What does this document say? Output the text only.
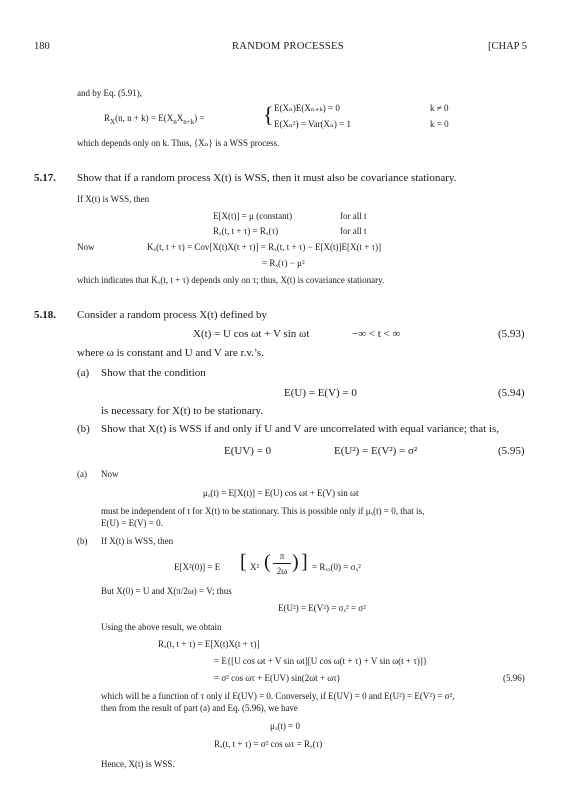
180	RANDOM PROCESSES	[CHAP 5
and by Eq. (5.91),
$R_X(n$, $n + k) = E(X_nX_{n+k})$ =	{ E(Xₙ)E(Xₙ₊ₖ) = 0	k ≠ 0
E(Xₙ²) = Var(Xₙ) = 1	k = 0
which depends only on k. Thus, {Xₙ} is a WSS process.
5.17. Show that if a random process X(t) is WSS, then it must also be covariance stationary.
If X(t) is WSS, then
E[X(t)] = μ (constant)	for all t
Rₓ(t, t + τ) = Rₓ(τ)	for all t
Now	Kₓ(t, t + τ) = Cov[X(t)X(t + τ)] = Rₓ(t, t + τ) − E[X(t)]E[X(t + τ)]
= Rₓ(τ) − μ²
which indicates that Kₓ(t, t + τ) depends only on τ; thus, X(t) is covariance stationary.
5.18. Consider a random process X(t) defined by
X(t) = U cos ωt + V sin ωt	−∞ < t < ∞	(5.93)
where ω is constant and U and V are r.v.’s.
(a) Show that the condition
E(U) = E(V) = 0	(5.94)
is necessary for X(t) to be stationary.
(b) Show that X(t) is WSS if and only if U and V are uncorrelated with equal variance; that is,
E(UV) = 0	E(U²) = E(V²) = σ²	(5.95)
(a) Now
μₓ(t) = E[X(t)] = E(U) cos ωt + E(V) sin ωt
must be independent of t for X(t) to be stationary. This is possible only if μₓ(t) = 0, that is,
E(U) = E(V) = 0.
(b) If X(t) is WSS, then
E[X²(0)] = E [ X² (	π
2ω ) ] = Rₓₓ(0) = σₓ²
But X(0) = U and X(π/2ω) = V; thus
E(U²) = E(V²) = σₓ² = σ²
Using the above result, we obtain
Rₓ(t, t + τ) = E[X(t)X(t + τ)]
= E{[U cos ωt + V sin ωt][U cos ω(t + τ) + V sin ω(t + τ)]}
= σ² cos ωτ + E(UV) sin(2ωt + ωτ)	(5.96)
which will be a function of τ only if E(UV) = 0. Conversely, if E(UV) = 0 and E(U²) = E(V²) = σ²,
then from the result of part (a) and Eq. (5.96), we have
μₓ(t) = 0
Rₓ(t, t + τ) = σ² cos ωτ = Rₓ(τ)
Hence, X(t) is WSS.
